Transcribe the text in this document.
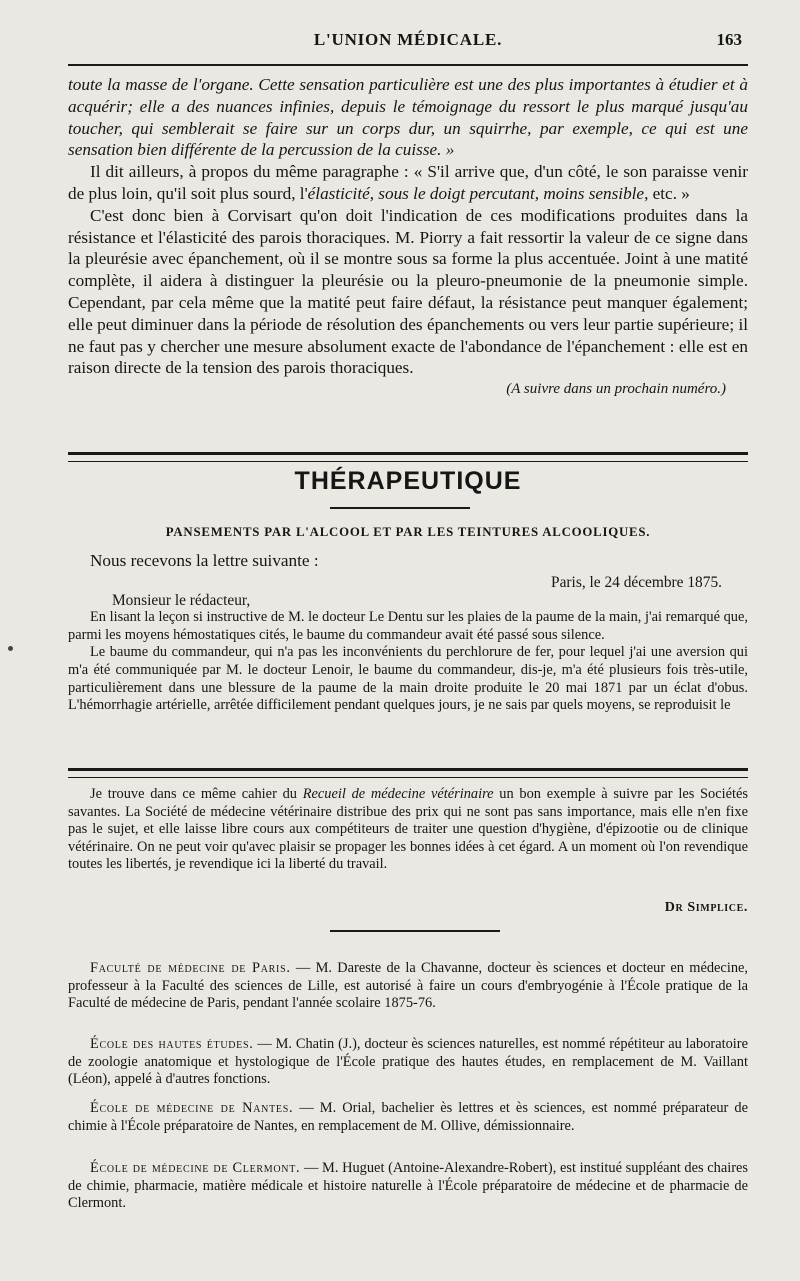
L'UNION MÉDICALE.	163

toute la masse de l'organe. Cette sensation particulière est une des plus importantes à étudier et à acquérir; elle a des nuances infinies, depuis le témoignage du ressort le plus marqué jusqu'au toucher, qui semblerait se faire sur un corps dur, un squirrhe, par exemple, ce qui est une sensation bien différente de la percussion de la cuisse. »

Il dit ailleurs, à propos du même paragraphe : « S'il arrive que, d'un côté, le son paraisse venir de plus loin, qu'il soit plus sourd, l'élasticité, sous le doigt percutant, moins sensible, etc. »

C'est donc bien à Corvisart qu'on doit l'indication de ces modifications produites dans la résistance et l'élasticité des parois thoraciques. M. Piorry a fait ressortir la valeur de ce signe dans la pleurésie avec épanchement, où il se montre sous sa forme la plus accentuée. Joint à une matité complète, il aidera à distinguer la pleurésie ou la pleuro-pneumonie de la pneumonie simple. Cependant, par cela même que la matité peut faire défaut, la résistance peut manquer également; elle peut diminuer dans la période de résolution des épanchements ou vers leur partie supérieure; il ne faut pas y chercher une mesure absolument exacte de l'abondance de l'épanchement : elle est en raison directe de la tension des parois thoraciques.

(A suivre dans un prochain numéro.)

THÉRAPEUTIQUE
PANSEMENTS PAR L'ALCOOL ET PAR LES TEINTURES ALCOOLIQUES.

Nous recevons la lettre suivante :

Paris, le 24 décembre 1875.

Monsieur le rédacteur,

En lisant la leçon si instructive de M. le docteur Le Dentu sur les plaies de la paume de la main, j'ai remarqué que, parmi les moyens hémostatiques cités, le baume du commandeur avait été passé sous silence.

Le baume du commandeur, qui n'a pas les inconvénients du perchlorure de fer, pour lequel j'ai une aversion qui m'a été communiquée par M. le docteur Lenoir, le baume du commandeur, dis-je, m'a été plusieurs fois très-utile, particulièrement dans une blessure de la paume de la main droite produite le 20 mai 1871 par un éclat d'obus. L'hémorrhagie artérielle, arrêtée difficilement pendant quelques jours, je ne sais par quels moyens, se reproduisit le

Je trouve dans ce même cahier du Recueil de médecine vétérinaire un bon exemple à suivre par les Sociétés savantes. La Société de médecine vétérinaire distribue des prix qui ne sont pas sans importance, mais elle n'en fixe pas le sujet, et elle laisse libre cours aux compétiteurs de traiter une question d'hygiène, d'épizootie ou de clinique vétérinaire. On ne peut voir qu'avec plaisir se propager les bonnes idées à cet égard. A un moment où l'on revendique toutes les libertés, je revendique ici la liberté du travail.

Dr Simplice.
Faculté de médecine de Paris. — M. Dareste de la Chavanne, docteur ès sciences et docteur en médecine, professeur à la Faculté des sciences de Lille, est autorisé à faire un cours d'embryogénie à l'École pratique de la Faculté de médecine de Paris, pendant l'année scolaire 1875-76.
École des hautes études. — M. Chatin (J.), docteur ès sciences naturelles, est nommé répétiteur au laboratoire de zoologie anatomique et hystologique de l'École pratique des hautes études, en remplacement de M. Vaillant (Léon), appelé à d'autres fonctions.
École de médecine de Nantes. — M. Orial, bachelier ès lettres et ès sciences, est nommé préparateur de chimie à l'École préparatoire de Nantes, en remplacement de M. Ollive, démissionnaire.
École de médecine de Clermont. — M. Huguet (Antoine-Alexandre-Robert), est institué suppléant des chaires de chimie, pharmacie, matière médicale et histoire naturelle à l'École préparatoire de médecine et de pharmacie de Clermont.
